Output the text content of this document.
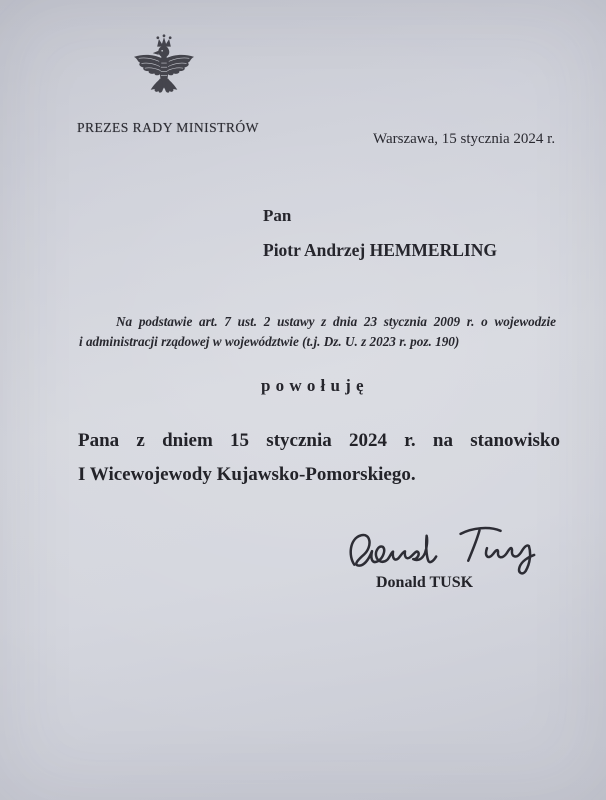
PREZES RADY MINISTRÓW
Warszawa, 15 stycznia 2024 r.
Pan
Piotr Andrzej HEMMERLING
Na podstawie art. 7 ust. 2 ustawy z dnia 23 stycznia 2009 r. o wojewodzie
i administracji rządowej w województwie (t.j. Dz. U. z 2023 r. poz. 190)
powołuję
Pana z dniem 15 stycznia 2024 r. na stanowisko
I Wicewojewody Kujawsko-Pomorskiego.
Donald TUSK
